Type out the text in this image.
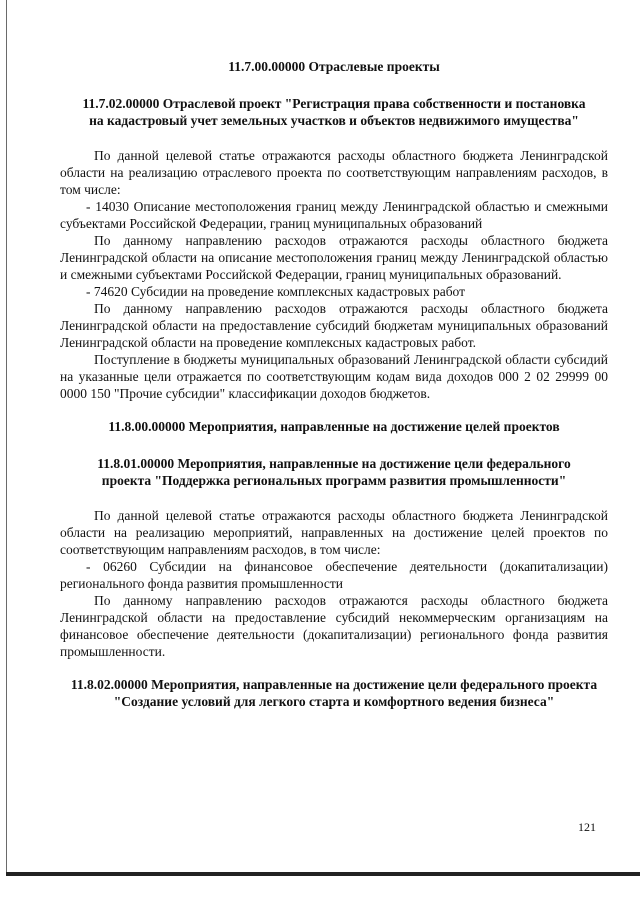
11.7.00.00000 Отраслевые проекты

11.7.02.00000 Отраслевой проект "Регистрация права собственности и постановка на кадастровый учет земельных участков и объектов недвижимого имущества"

По данной целевой статье отражаются расходы областного бюджета Ленинградской области на реализацию отраслевого проекта по соответствующим направлениям расходов, в том числе:

- 14030 Описание местоположения границ между Ленинградской областью и смежными субъектами Российской Федерации, границ муниципальных образований

По данному направлению расходов отражаются расходы областного бюджета Ленинградской области на описание местоположения границ между Ленинградской областью и смежными субъектами Российской Федерации, границ муниципальных образований.

- 74620 Субсидии на проведение комплексных кадастровых работ

По данному направлению расходов отражаются расходы областного бюджета Ленинградской области на предоставление субсидий бюджетам муниципальных образований Ленинградской области на проведение комплексных кадастровых работ.

Поступление в бюджеты муниципальных образований Ленинградской области субсидий на указанные цели отражается по соответствующим кодам вида доходов 000 2 02 29999 00 0000 150 "Прочие субсидии" классификации доходов бюджетов.

11.8.00.00000 Мероприятия, направленные на достижение целей проектов

11.8.01.00000 Мероприятия, направленные на достижение цели федерального проекта "Поддержка региональных программ развития промышленности"

По данной целевой статье отражаются расходы областного бюджета Ленинградской области на реализацию мероприятий, направленных на достижение целей проектов по соответствующим направлениям расходов, в том числе:

- 06260 Субсидии на финансовое обеспечение деятельности (докапитализации) регионального фонда развития промышленности

По данному направлению расходов отражаются расходы областного бюджета Ленинградской области на предоставление субсидий некоммерческим организациям на финансовое обеспечение деятельности (докапитализации) регионального фонда развития промышленности.

11.8.02.00000 Мероприятия, направленные на достижение цели федерального проекта "Создание условий для легкого старта и комфортного ведения бизнеса"

121
